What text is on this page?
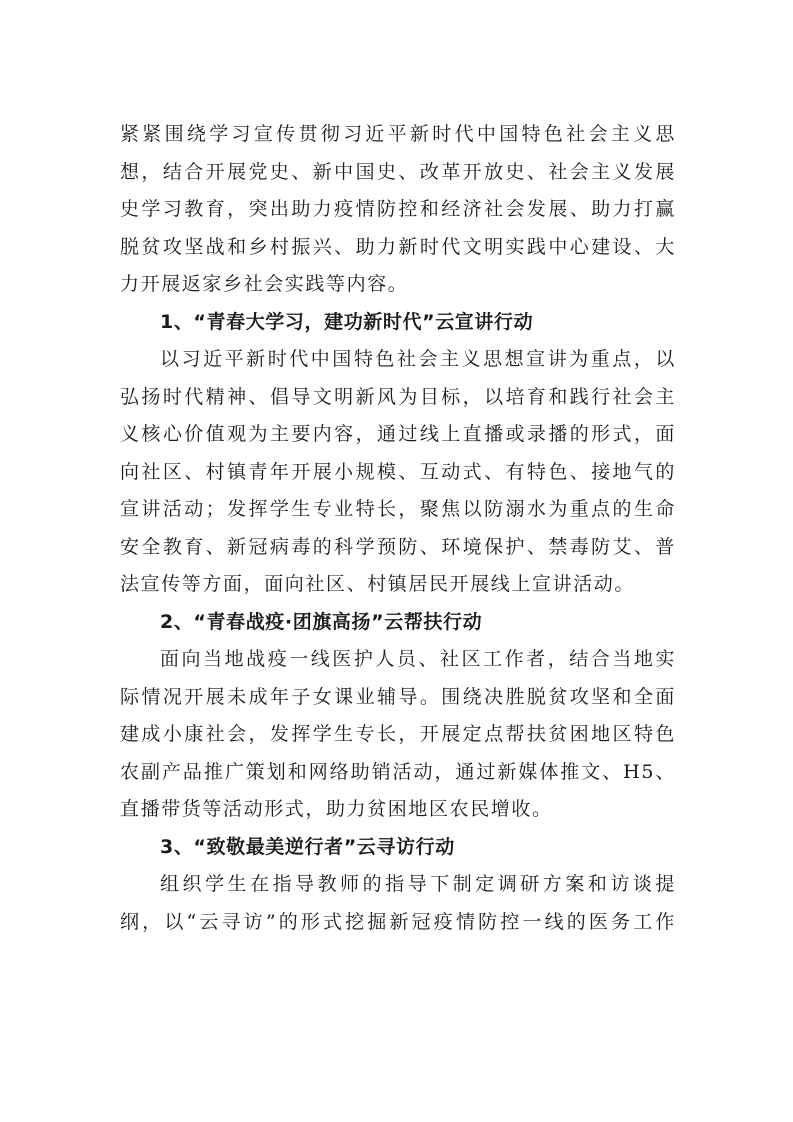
紧紧围绕学习宣传贯彻习近平新时代中国特色社会主义思
想，结合开展党史、新中国史、改革开放史、社会主义发展
史学习教育，突出助力疫情防控和经济社会发展、助力打赢
脱贫攻坚战和乡村振兴、助力新时代文明实践中心建设、大
力开展返家乡社会实践等内容。
1、“青春大学习，建功新时代”云宣讲行动
以习近平新时代中国特色社会主义思想宣讲为重点，以
弘扬时代精神、倡导文明新风为目标，以培育和践行社会主
义核心价值观为主要内容，通过线上直播或录播的形式，面
向社区、村镇青年开展小规模、互动式、有特色、接地气的
宣讲活动；发挥学生专业特长，聚焦以防溺水为重点的生命
安全教育、新冠病毒的科学预防、环境保护、禁毒防艾、普
法宣传等方面，面向社区、村镇居民开展线上宣讲活动。
2、“青春战疫·团旗高扬”云帮扶行动
面向当地战疫一线医护人员、社区工作者，结合当地实
际情况开展未成年子女课业辅导。围绕决胜脱贫攻坚和全面
建成小康社会，发挥学生专长，开展定点帮扶贫困地区特色
农副产品推广策划和网络助销活动，通过新媒体推文、H5、
直播带货等活动形式，助力贫困地区农民增收。
3、“致敬最美逆行者”云寻访行动
组织学生在指导教师的指导下制定调研方案和访谈提
纲，以“云寻访”的形式挖掘新冠疫情防控一线的医务工作
